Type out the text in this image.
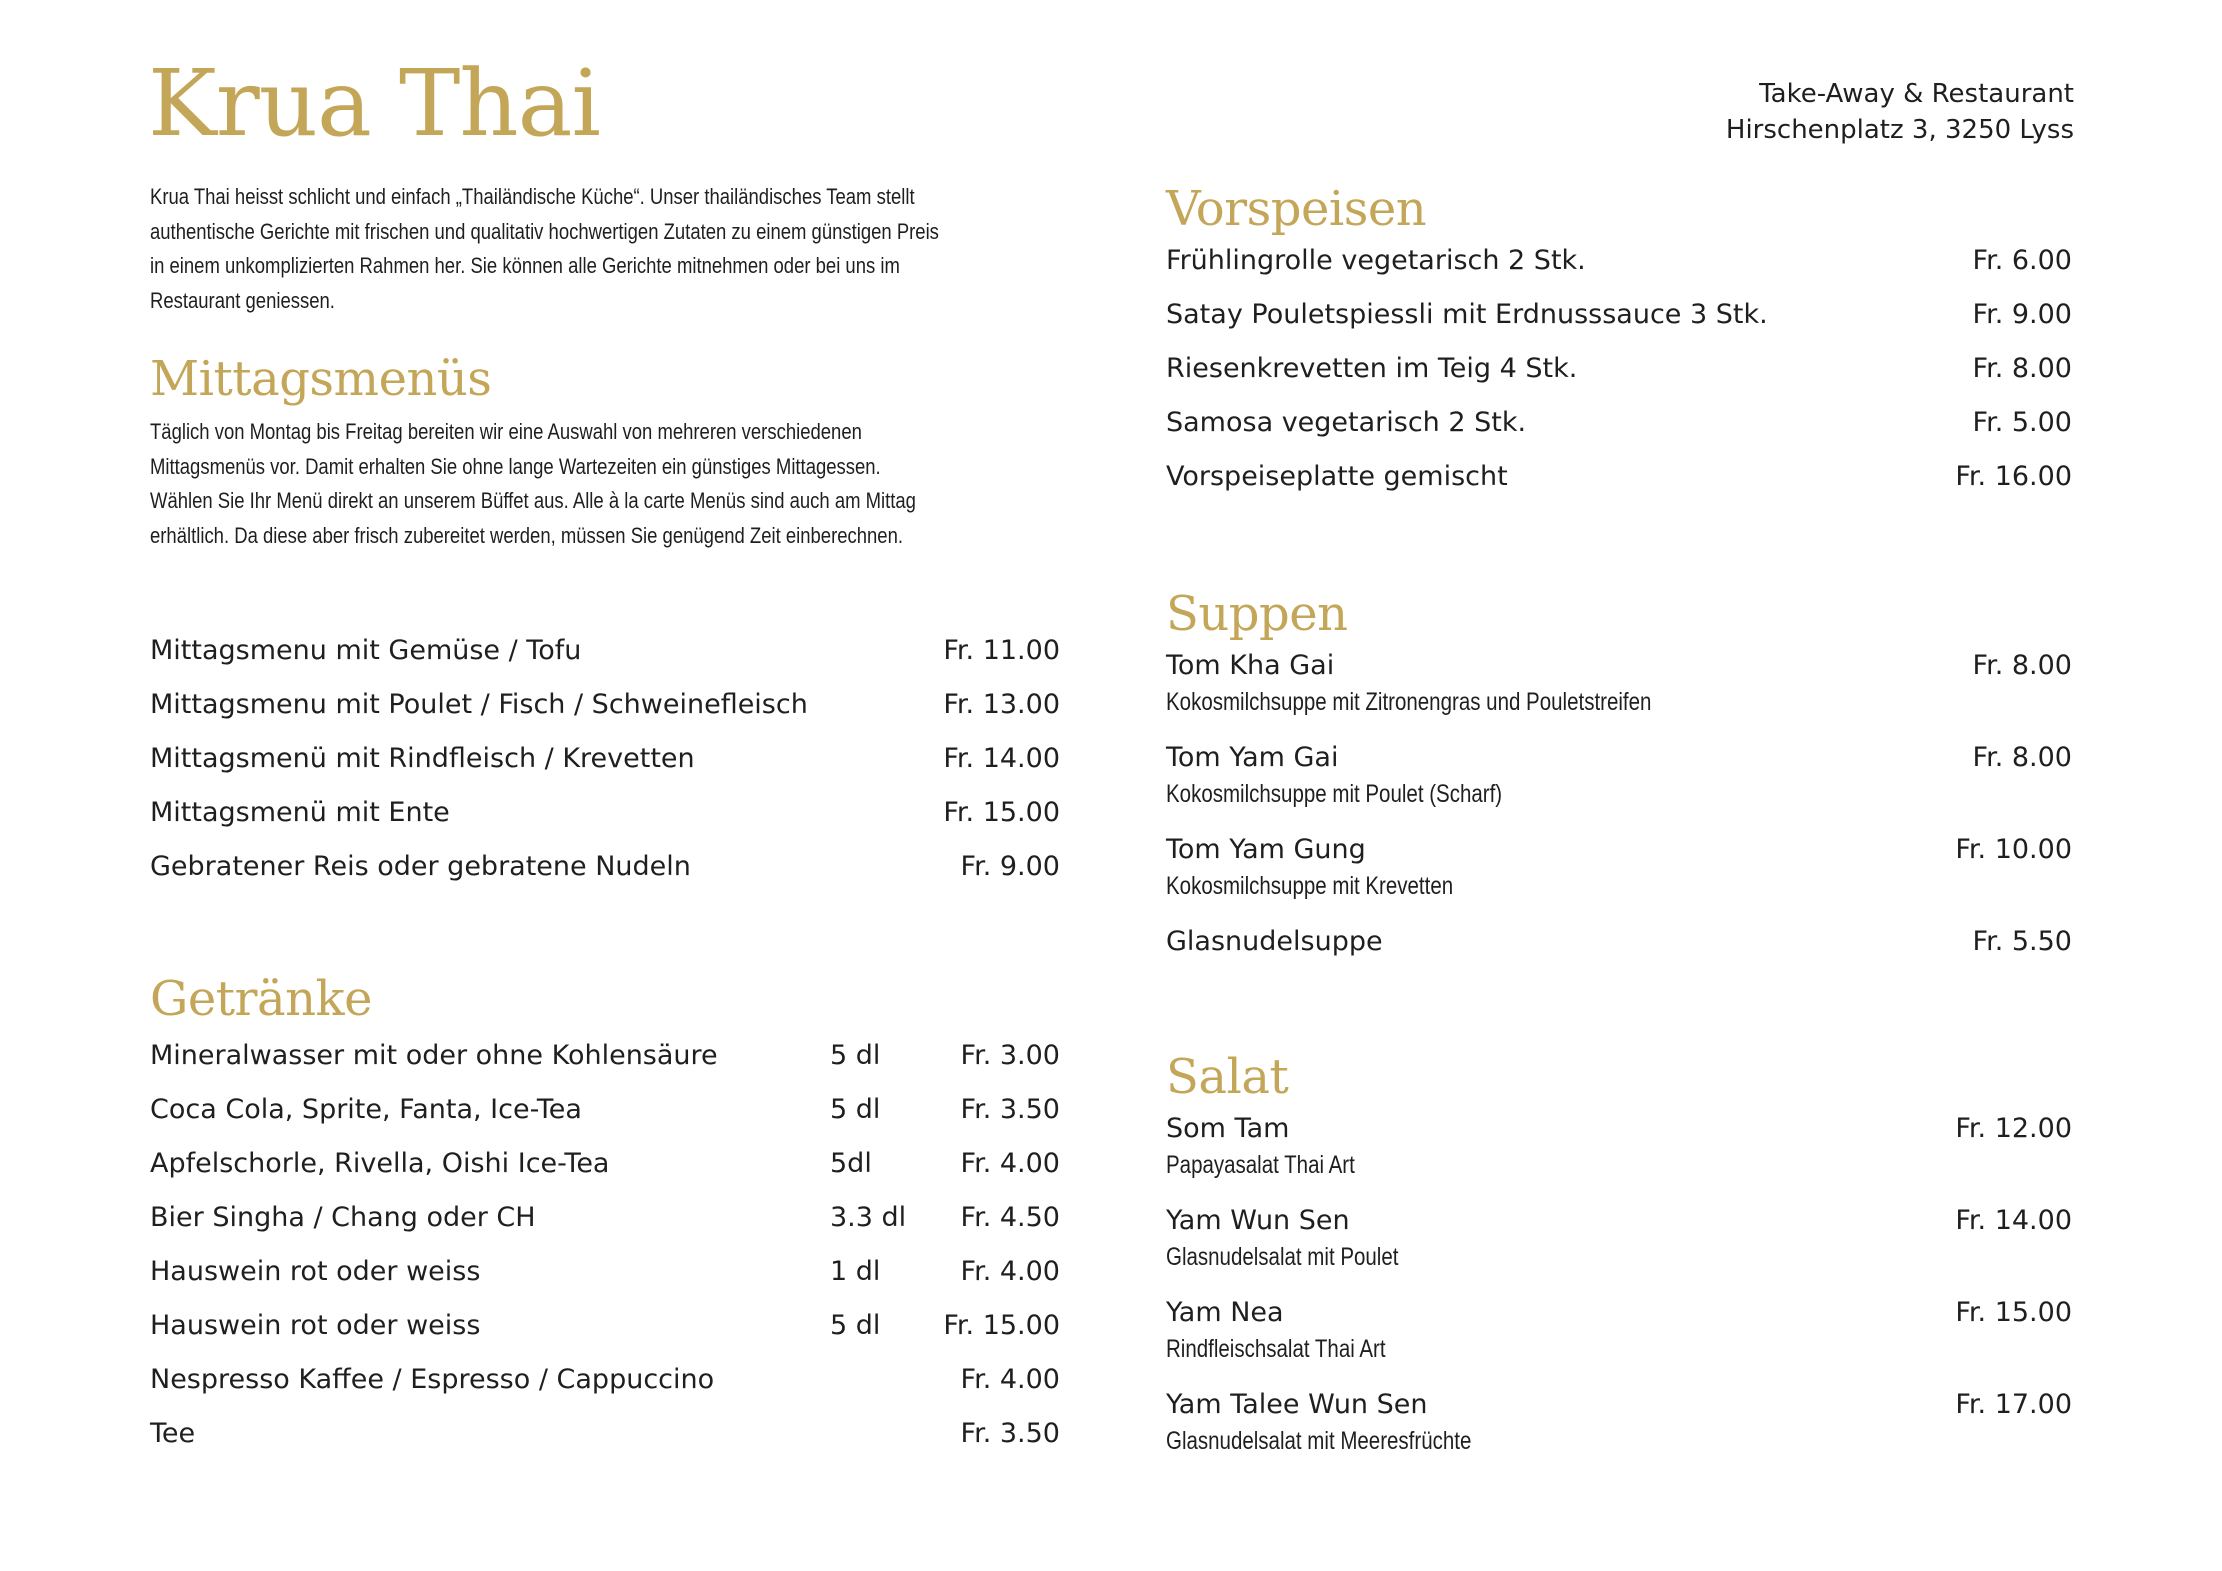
Krua Thai	Take-Away & Restaurant
Hirschenplatz 3, 3250 Lyss
Krua Thai heisst schlicht und einfach „Thailändische Küche“. Unser thailändisches Team stellt
authentische Gerichte mit frischen und qualitativ hochwertigen Zutaten zu einem günstigen Preis
in einem unkomplizierten Rahmen her. Sie können alle Gerichte mitnehmen oder bei uns im
Restaurant geniessen.
Mittagsmenüs
Täglich von Montag bis Freitag bereiten wir eine Auswahl von mehreren verschiedenen
Mittagsmenüs vor. Damit erhalten Sie ohne lange Wartezeiten ein günstiges Mittagessen.
Wählen Sie Ihr Menü direkt an unserem Büffet aus. Alle à la carte Menüs sind auch am Mittag
erhältlich. Da diese aber frisch zubereitet werden, müssen Sie genügend Zeit einberechnen.
Mittagsmenu mit Gemüse / Tofu	Fr. 11.00
Mittagsmenu mit Poulet / Fisch / Schweinefleisch	Fr. 13.00
Mittagsmenü mit Rindfleisch / Krevetten	Fr. 14.00
Mittagsmenü mit Ente	Fr. 15.00
Gebratener Reis oder gebratene Nudeln	Fr. 9.00
Getränke
Mineralwasser mit oder ohne Kohlensäure	5 dl	Fr. 3.00
Coca Cola, Sprite, Fanta, Ice-Tea	5 dl	Fr. 3.50
Apfelschorle, Rivella, Oishi Ice-Tea	5dl	Fr. 4.00
Bier Singha / Chang oder CH	3.3 dl Fr. 4.50
Hauswein rot oder weiss	1 dl	Fr. 4.00
Hauswein rot oder weiss	5 dl Fr. 15.00
Nespresso Kaffee / Espresso / Cappuccino	Fr. 4.00
Tee	Fr. 3.50
Vorspeisen
Frühlingrolle vegetarisch 2 Stk.	Fr. 6.00
Satay Pouletspiessli mit Erdnusssauce 3 Stk.	Fr. 9.00
Riesenkrevetten im Teig 4 Stk.	Fr. 8.00
Samosa vegetarisch 2 Stk.	Fr. 5.00
Vorspeiseplatte gemischt	Fr. 16.00
Suppen
Tom Kha Gai	Fr. 8.00
Kokosmilchsuppe mit Zitronengras und Pouletstreifen
Tom Yam Gai	Fr. 8.00
Kokosmilchsuppe mit Poulet (Scharf)
Tom Yam Gung	Fr. 10.00
Kokosmilchsuppe mit Krevetten
Glasnudelsuppe	Fr. 5.50
Salat
Som Tam	Fr. 12.00
Papayasalat Thai Art
Yam Wun Sen	Fr. 14.00
Glasnudelsalat mit Poulet
Yam Nea	Fr. 15.00
Rindfleischsalat Thai Art
Yam Talee Wun Sen	Fr. 17.00
Glasnudelsalat mit Meeresfrüchte
